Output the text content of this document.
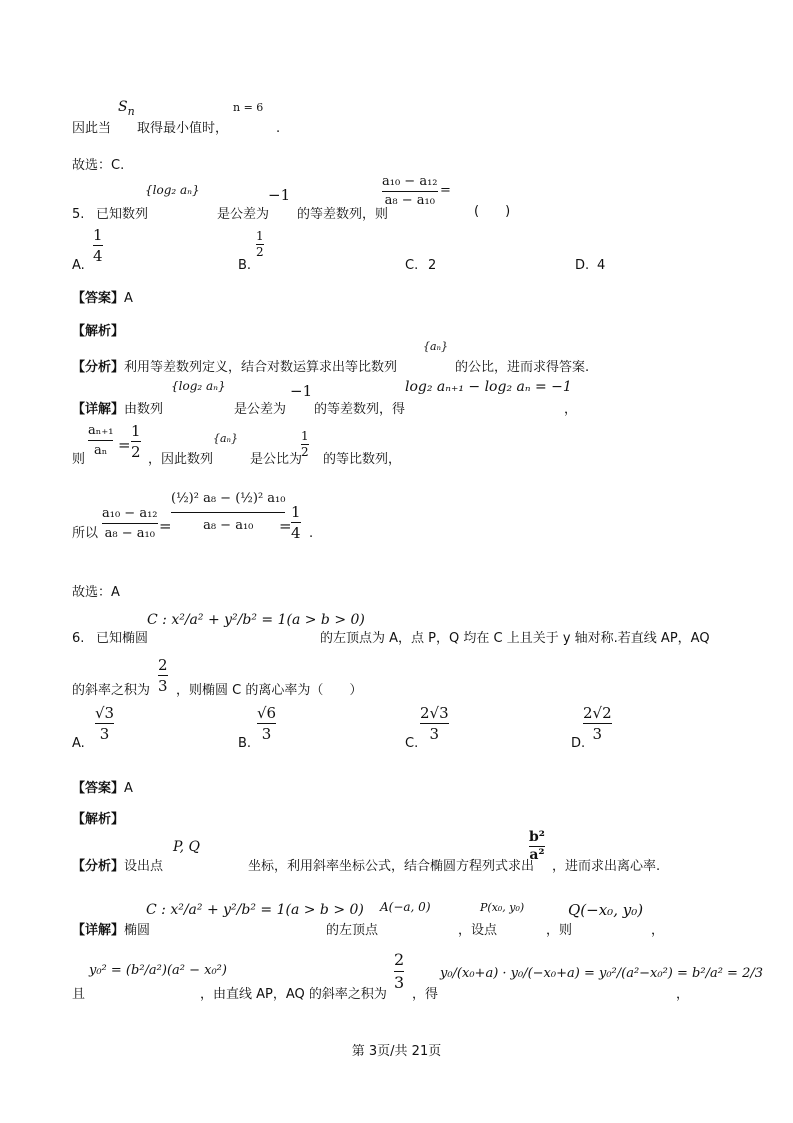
$S_n$	n = 6
因此当 取得最小值时，	.
故选：C.
5. 已知数列
{log₂ aₙ}
是公差为
−1
的等差数列，则
a₁₀ − a₁₂
a₈ − a₁₀
=
(　　)
A.
1
4
B.
1
2
C. 2	D. 4
【答案】A
【解析】
【分析】利用等差数列定义，结合对数运算求出等比数列
{aₙ}
的公比，进而求得答案.
【详解】由数列
{log₂ aₙ}
是公差为
−1
的等差数列，得
log₂ aₙ₊₁ − log₂ aₙ = −1
，
则
aₙ₊₁
aₙ =
1
2 ，因此数列
{aₙ}
是公比为
1
2 的等比数列，
所以
a₁₀ − a₁₂
a₈ − a₁₀ =
(½)² a₈ − (½)² a₁₀
a₈ − a₁₀ =
1
4 .
故选：A
6. 已知椭圆
C : x²/a² + y²/b² = 1(a > b > 0)
的左顶点为 A，点 P，Q 均在 C 上且关于 y 轴对称.若直线 AP，AQ
的斜率之积为
2
3 ，则椭圆 C 的离心率为（　　）
A.
√3
3
B.
√6
3
C.
2√3
3
D.
2√2
3
【答案】A
【解析】
【分析】设出点
P, Q
坐标，利用斜率坐标公式，结合椭圆方程列式求出
b²
a²
，进而求出离心率.
【详解】椭圆
C : x²/a² + y²/b² = 1(a > b > 0)
的左顶点
A(−a, 0)
，设点
P(x₀, y₀)
，则
Q(−x₀, y₀)
，
且
y₀² = (b²/a²)(a² − x₀²)
，由直线 AP，AQ 的斜率之积为
2
3
，得
y₀/(x₀+a) · y₀/(−x₀+a) = y₀²/(a²−x₀²) = b²/a² = 2/3
，
第 3页/共 21页
